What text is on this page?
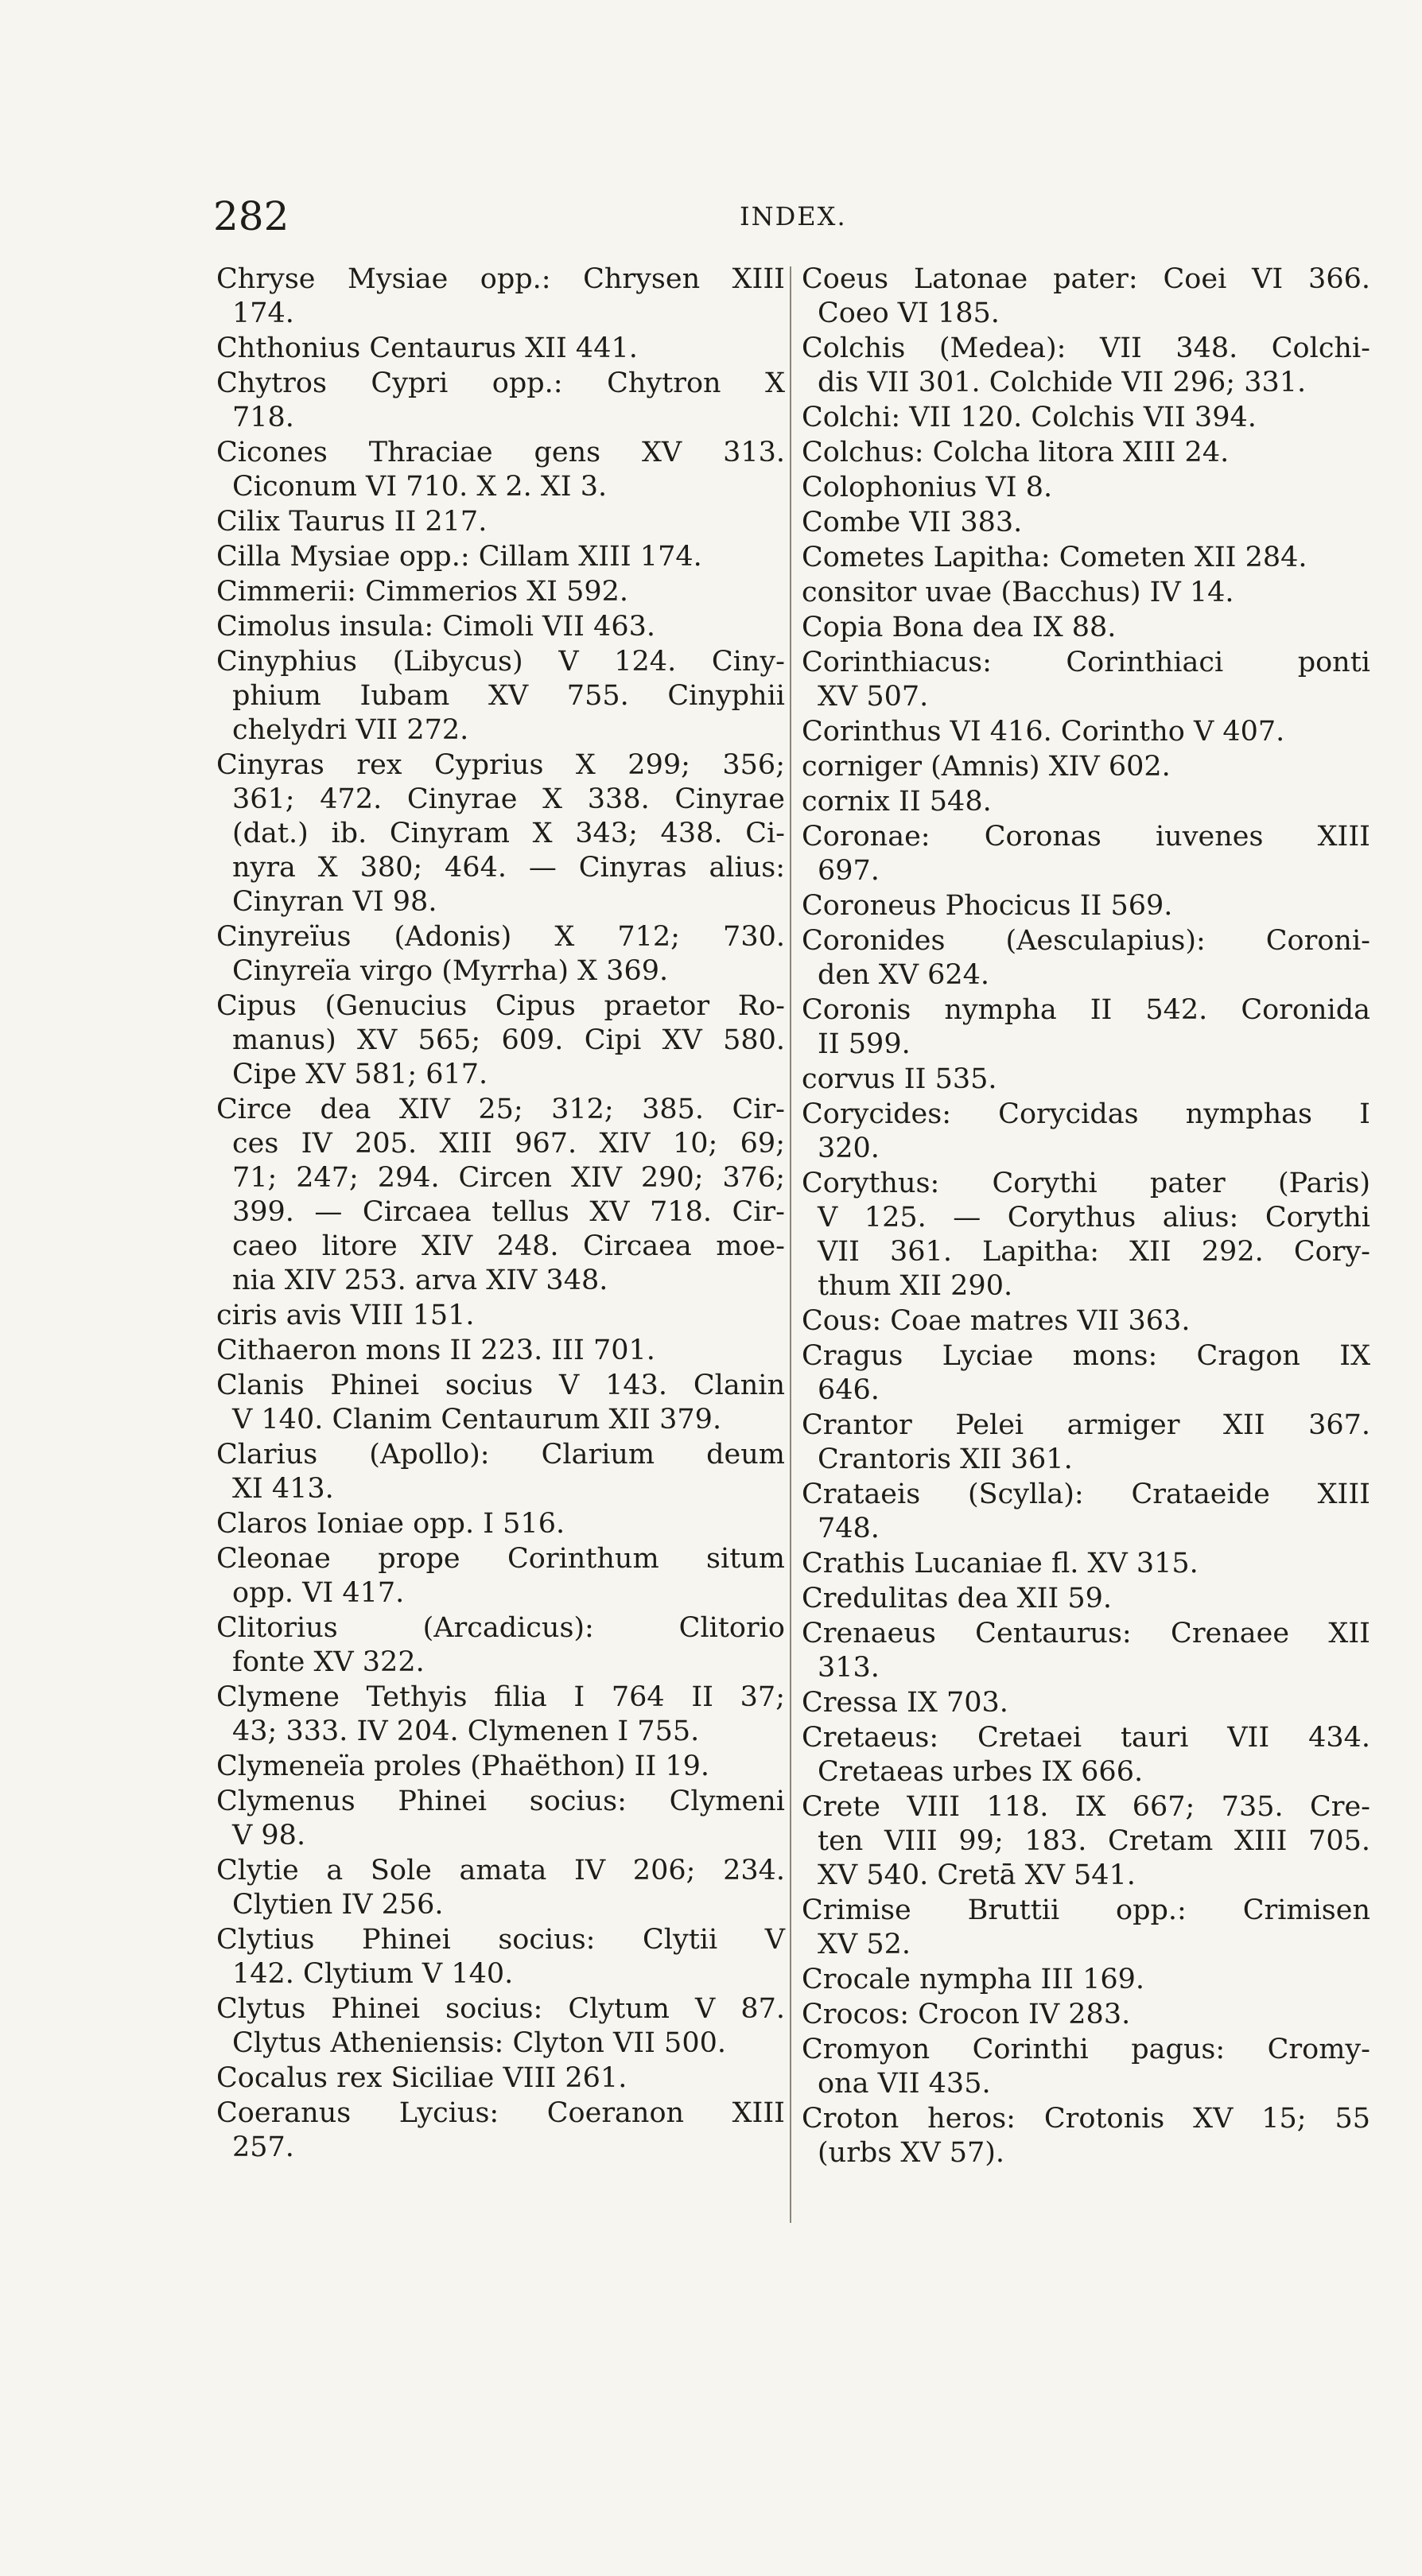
282	INDEX.
Chryse Mysiae opp.: Chrysen XIII
174.
Chthonius Centaurus XII 441.
Chytros Cypri opp.: Chytron X
718.
Cicones Thraciae gens XV 313.
Ciconum VI 710. X 2. XI 3.
Cilix Taurus II 217.
Cilla Mysiae opp.: Cillam XIII 174.
Cimmerii: Cimmerios XI 592.
Cimolus insula: Cimoli VII 463.
Cinyphius (Libycus) V 124. Ciny-
phium Iubam XV 755. Cinyphii
chelydri VII 272.
Cinyras rex Cyprius X 299; 356;
361; 472. Cinyrae X 338. Cinyrae
(dat.) ib. Cinyram X 343; 438. Ci-
nyra X 380; 464. — Cinyras alius:
Cinyran VI 98.
Cinyreïus (Adonis) X 712; 730.
Cinyreïa virgo (Myrrha) X 369.
Cipus (Genucius Cipus praetor Ro-
manus) XV 565; 609. Cipi XV 580.
Cipe XV 581; 617.
Circe dea XIV 25; 312; 385. Cir-
ces IV 205. XIII 967. XIV 10; 69;
71; 247; 294. Circen XIV 290; 376;
399. — Circaea tellus XV 718. Cir-
caeo litore XIV 248. Circaea moe-
nia XIV 253. arva XIV 348.
ciris avis VIII 151.
Cithaeron mons II 223. III 701.
Clanis Phinei socius V 143. Clanin
V 140. Clanim Centaurum XII 379.
Clarius (Apollo): Clarium deum
XI 413.
Claros Ioniae opp. I 516.
Cleonae prope Corinthum situm
opp. VI 417.
Clitorius (Arcadicus): Clitorio
fonte XV 322.
Clymene Tethyis filia I 764 II 37;
43; 333. IV 204. Clymenen I 755.
Clymeneïa proles (Phaëthon) II 19.
Clymenus Phinei socius: Clymeni
V 98.
Clytie a Sole amata IV 206; 234.
Clytien IV 256.
Clytius Phinei socius: Clytii V
142. Clytium V 140.
Clytus Phinei socius: Clytum V 87.
Clytus Atheniensis: Clyton VII 500.
Cocalus rex Siciliae VIII 261.
Coeranus Lycius: Coeranon XIII
257.
Coeus Latonae pater: Coei VI 366.
Coeo VI 185.
Colchis (Medea): VII 348. Colchi-
dis VII 301. Colchide VII 296; 331.
Colchi: VII 120. Colchis VII 394.
Colchus: Colcha litora XIII 24.
Colophonius VI 8.
Combe VII 383.
Cometes Lapitha: Cometen XII 284.
consitor uvae (Bacchus) IV 14.
Copia Bona dea IX 88.
Corinthiacus: Corinthiaci ponti
XV 507.
Corinthus VI 416. Corintho V 407.
corniger (Amnis) XIV 602.
cornix II 548.
Coronae: Coronas iuvenes XIII
697.
Coroneus Phocicus II 569.
Coronides (Aesculapius): Coroni-
den XV 624.
Coronis nympha II 542. Coronida
II 599.
corvus II 535.
Corycides: Corycidas nymphas I
320.
Corythus: Corythi pater (Paris)
V 125. — Corythus alius: Corythi
VII 361. Lapitha: XII 292. Cory-
thum XII 290.
Cous: Coae matres VII 363.
Cragus Lyciae mons: Cragon IX
646.
Crantor Pelei armiger XII 367.
Crantoris XII 361.
Crataeis (Scylla): Crataeide XIII
748.
Crathis Lucaniae fl. XV 315.
Credulitas dea XII 59.
Crenaeus Centaurus: Crenaee XII
313.
Cressa IX 703.
Cretaeus: Cretaei tauri VII 434.
Cretaeas urbes IX 666.
Crete VIII 118. IX 667; 735. Cre-
ten VIII 99; 183. Cretam XIII 705.
XV 540. Cretā XV 541.
Crimise Bruttii opp.: Crimisen
XV 52.
Crocale nympha III 169.
Crocos: Crocon IV 283.
Cromyon Corinthi pagus: Cromy-
ona VII 435.
Croton heros: Crotonis XV 15; 55
(urbs XV 57).
